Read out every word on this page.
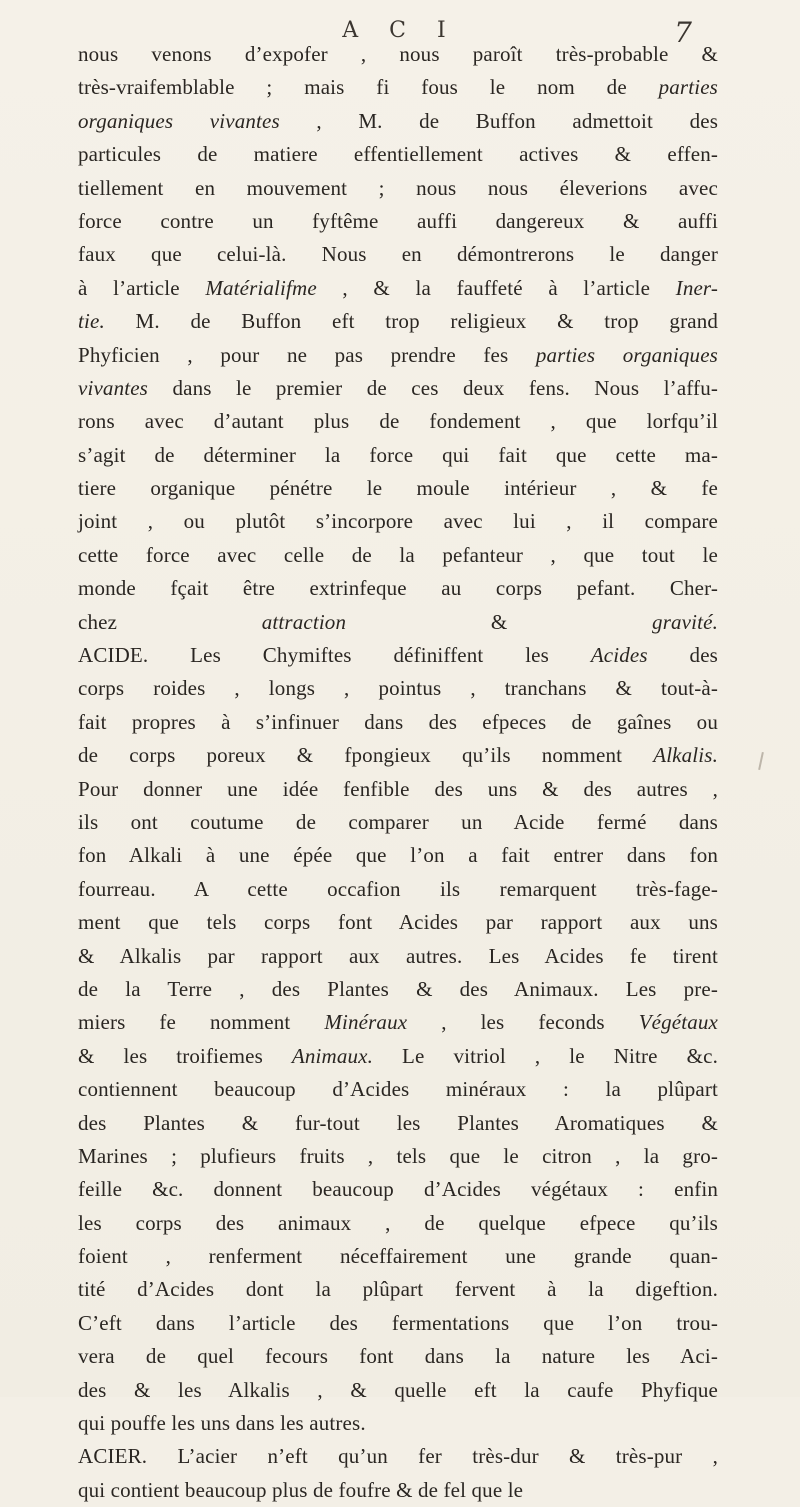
A C I	7
nous venons d’expofer , nous paroît très-probable &
très-vraifemblable ; mais fi fous le nom de parties
organiques vivantes , M. de Buffon admettoit des
particules de matiere effentiellement actives & effen-
tiellement en mouvement ; nous nous éleverions avec
force contre un fyftême auffi dangereux & auffi
faux que celui-là. Nous en démontrerons le danger
à l’article Matérialifme , & la fauffeté à l’article Iner-
tie. M. de Buffon eft trop religieux & trop grand
Phyficien , pour ne pas prendre fes parties organiques
vivantes dans le premier de ces deux fens. Nous l’affu-
rons avec d’autant plus de fondement , que lorfqu’il
s’agit de déterminer la force qui fait que cette ma-
tiere organique pénétre le moule intérieur , & fe
joint , ou plutôt s’incorpore avec lui , il compare
cette force avec celle de la pefanteur , que tout le
monde fçait être extrinfeque au corps pefant. Cher-
chez attraction & gravité.
ACIDE. Les Chymiftes définiffent les Acides des
corps roides , longs , pointus , tranchans & tout-à-
fait propres à s’infinuer dans des efpeces de gaînes ou
de corps poreux & fpongieux qu’ils nomment Alkalis.
Pour donner une idée fenfible des uns & des autres ,
ils ont coutume de comparer un Acide fermé dans
fon Alkali à une épée que l’on a fait entrer dans fon
fourreau. A cette occafion ils remarquent très-fage-
ment que tels corps font Acides par rapport aux uns
& Alkalis par rapport aux autres. Les Acides fe tirent
de la Terre , des Plantes & des Animaux. Les pre-
miers fe nomment Minéraux , les feconds Végétaux
& les troifiemes Animaux. Le vitriol , le Nitre &c.
contiennent beaucoup d’Acides minéraux : la plûpart
des Plantes & fur-tout les Plantes Aromatiques &
Marines ; plufieurs fruits , tels que le citron , la gro-
feille &c. donnent beaucoup d’Acides végétaux : enfin
les corps des animaux , de quelque efpece qu’ils
foient , renferment néceffairement une grande quan-
tité d’Acides dont la plûpart fervent à la digeftion.
C’eft dans l’article des fermentations que l’on trou-
vera de quel fecours font dans la nature les Aci-
des & les Alkalis , & quelle eft la caufe Phyfique
qui pouffe les uns dans les autres.
ACIER. L’acier n’eft qu’un fer très-dur & très-pur ,
qui contient beaucoup plus de foufre & de fel que le
